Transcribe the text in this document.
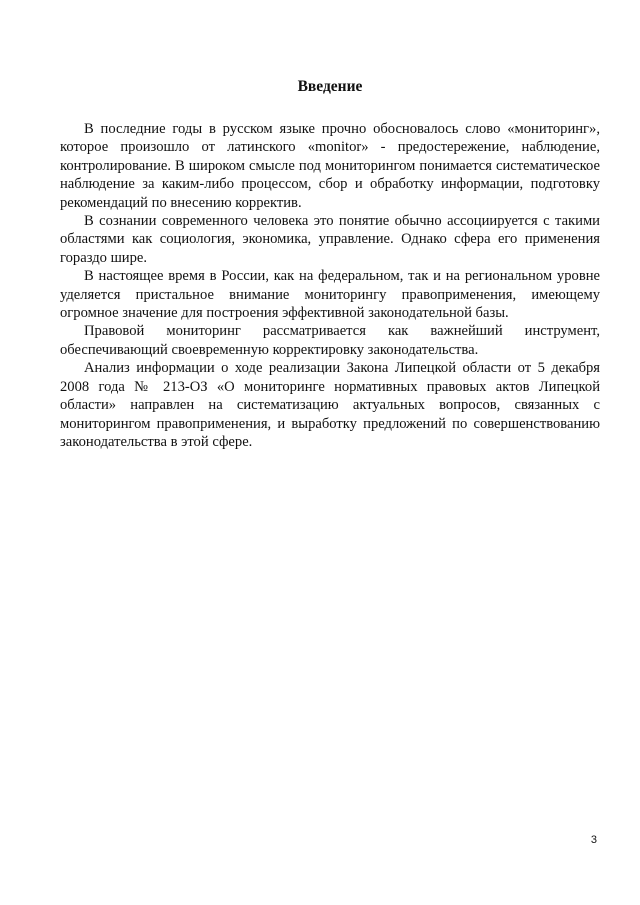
Введение

В последние годы в русском языке прочно обосновалось слово «мониторинг», которое произошло от латинского «monitor» - предостережение, наблюдение, контролирование. В широком смысле под мониторингом понимается систематическое наблюдение за каким-либо процессом, сбор и обработку информации, подготовку рекомендаций по внесению корректив.

В сознании современного человека это понятие обычно ассоциируется с такими областями как социология, экономика, управление. Однако сфера его применения гораздо шире.

В настоящее время в России, как на федеральном, так и на региональном уровне уделяется пристальное внимание мониторингу правоприменения, имеющему огромное значение для построения эффективной законодательной базы.

Правовой мониторинг рассматривается как важнейший инструмент, обеспечивающий своевременную корректировку законодательства.

Анализ информации о ходе реализации Закона Липецкой области от 5 декабря 2008 года № 213-ОЗ «О мониторинге нормативных правовых актов Липецкой области» направлен на систематизацию актуальных вопросов, связанных с мониторингом правоприменения, и выработку предложений по совершенствованию законодательства в этой сфере.

3
